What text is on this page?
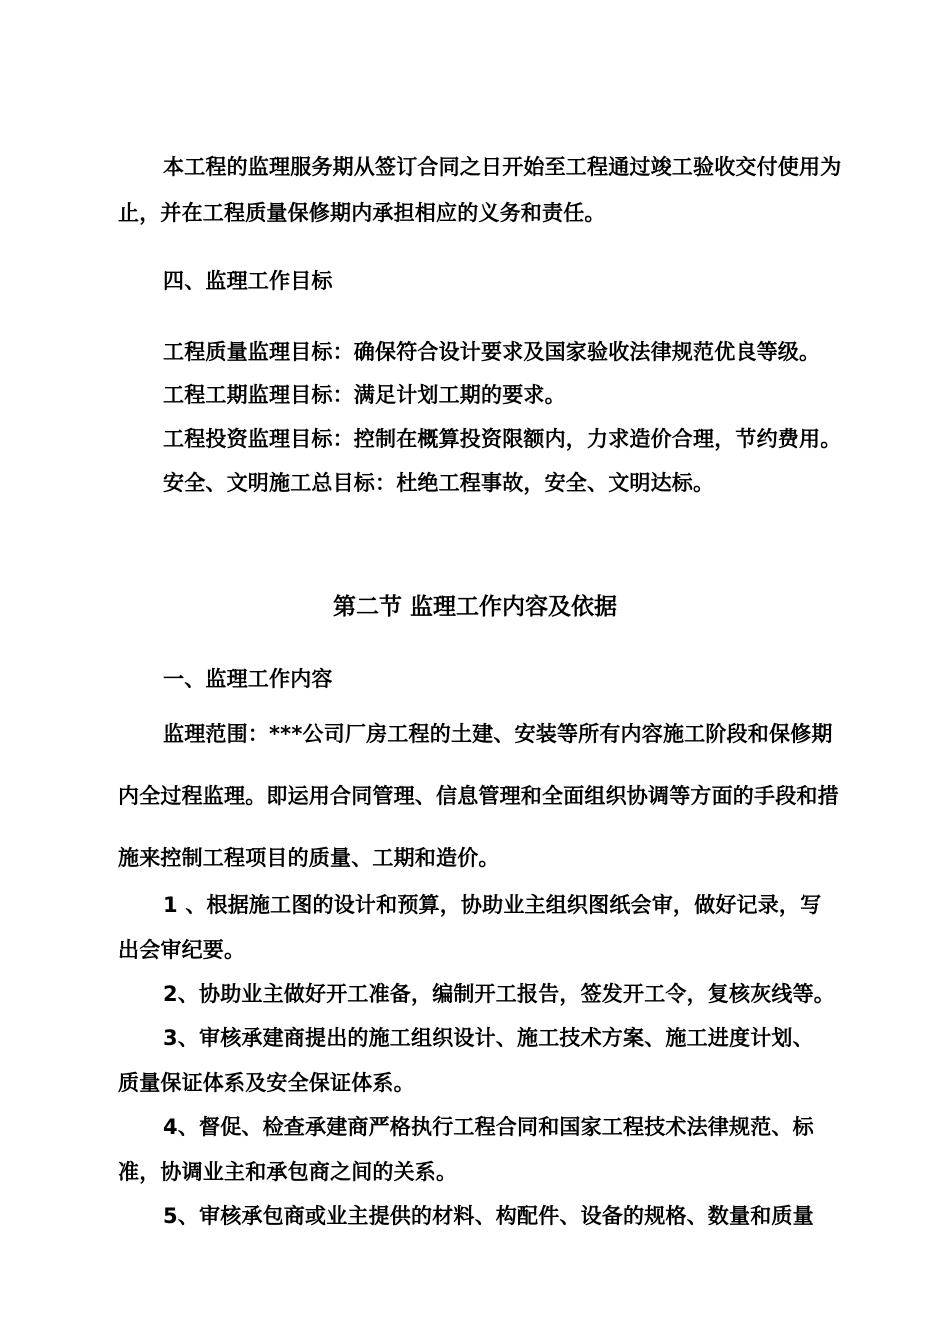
本工程的监理服务期从签订合同之日开始至工程通过竣工验收交付使用为
止，并在工程质量保修期内承担相应的义务和责任。
四、监理工作目标
工程质量监理目标：确保符合设计要求及国家验收法律规范优良等级。
工程工期监理目标：满足计划工期的要求。
工程投资监理目标：控制在概算投资限额内，力求造价合理，节约费用。
安全、文明施工总目标：杜绝工程事故，安全、文明达标。
第二节 监理工作内容及依据
一、监理工作内容
监理范围：***公司厂房工程的土建、安装等所有内容施工阶段和保修期
内全过程监理。即运用合同管理、信息管理和全面组织协调等方面的手段和措
施来控制工程项目的质量、工期和造价。
1 、根据施工图的设计和预算，协助业主组织图纸会审，做好记录，写
出会审纪要。
2、协助业主做好开工准备，编制开工报告，签发开工令，复核灰线等。
3、审核承建商提出的施工组织设计、施工技术方案、施工进度计划、
质量保证体系及安全保证体系。
4、督促、检查承建商严格执行工程合同和国家工程技术法律规范、标
准，协调业主和承包商之间的关系。
5、审核承包商或业主提供的材料、构配件、设备的规格、数量和质量
